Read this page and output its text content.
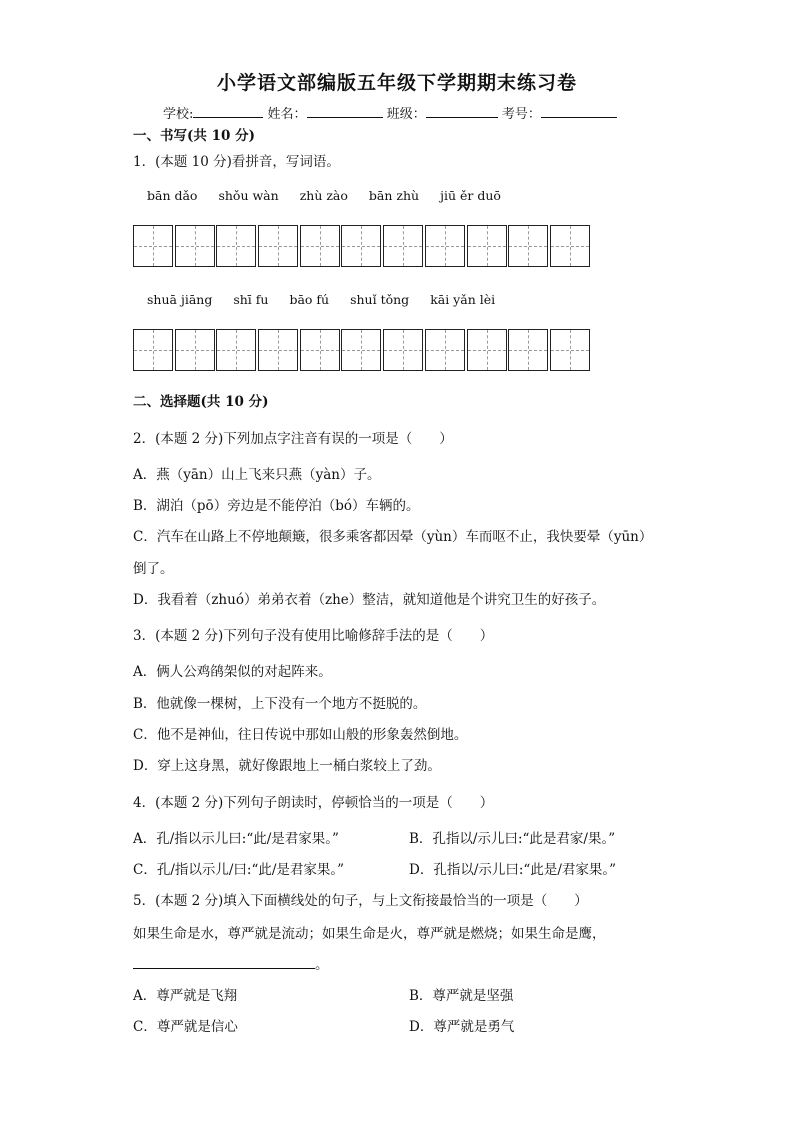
小学语文部编版五年级下学期期末练习卷
学校:	姓名：	班级：	考号：
一、书写(共 10 分)
1．(本题 10 分)看拼音，写词语。
bān dǎo shǒu wàn zhù zào bān zhù jiū ěr duō
shuā jiāng shī fu bāo fú shuǐ tǒng kāi yǎn lèi
二、选择题(共 10 分)
2．(本题 2 分)下列加点字注音有误的一项是（　　）
A．燕（yān）山上飞来只燕（yàn）子。
B．湖泊（pō）旁边是不能停泊（bó）车辆的。
C．汽车在山路上不停地颠簸，很多乘客都因晕（yùn）车而呕不止，我快要晕（yūn）
倒了。
D．我看着（zhuó）弟弟衣着（zhe）整洁，就知道他是个讲究卫生的好孩子。
3．(本题 2 分)下列句子没有使用比喻修辞手法的是（　　）
A．俩人公鸡鹐架似的对起阵来。
B．他就像一棵树，上下没有一个地方不挺脱的。
C．他不是神仙，往日传说中那如山般的形象轰然倒地。
D．穿上这身黑，就好像跟地上一桶白浆较上了劲。
4．(本题 2 分)下列句子朗读时，停顿恰当的一项是（　　）
A．孔/指以示儿曰:“此/是君家果。”	B．孔指以/示儿曰:“此是君家/果。”
C．孔/指以示儿/曰:“此/是君家果。”	D．孔指以/示儿曰:“此是/君家果。”
5．(本题 2 分)填入下面横线处的句子，与上文衔接最恰当的一项是（　　）
如果生命是水，尊严就是流动；如果生命是火，尊严就是燃烧；如果生命是鹰，
。
A．尊严就是飞翔	B．尊严就是坚强
C．尊严就是信心	D．尊严就是勇气
